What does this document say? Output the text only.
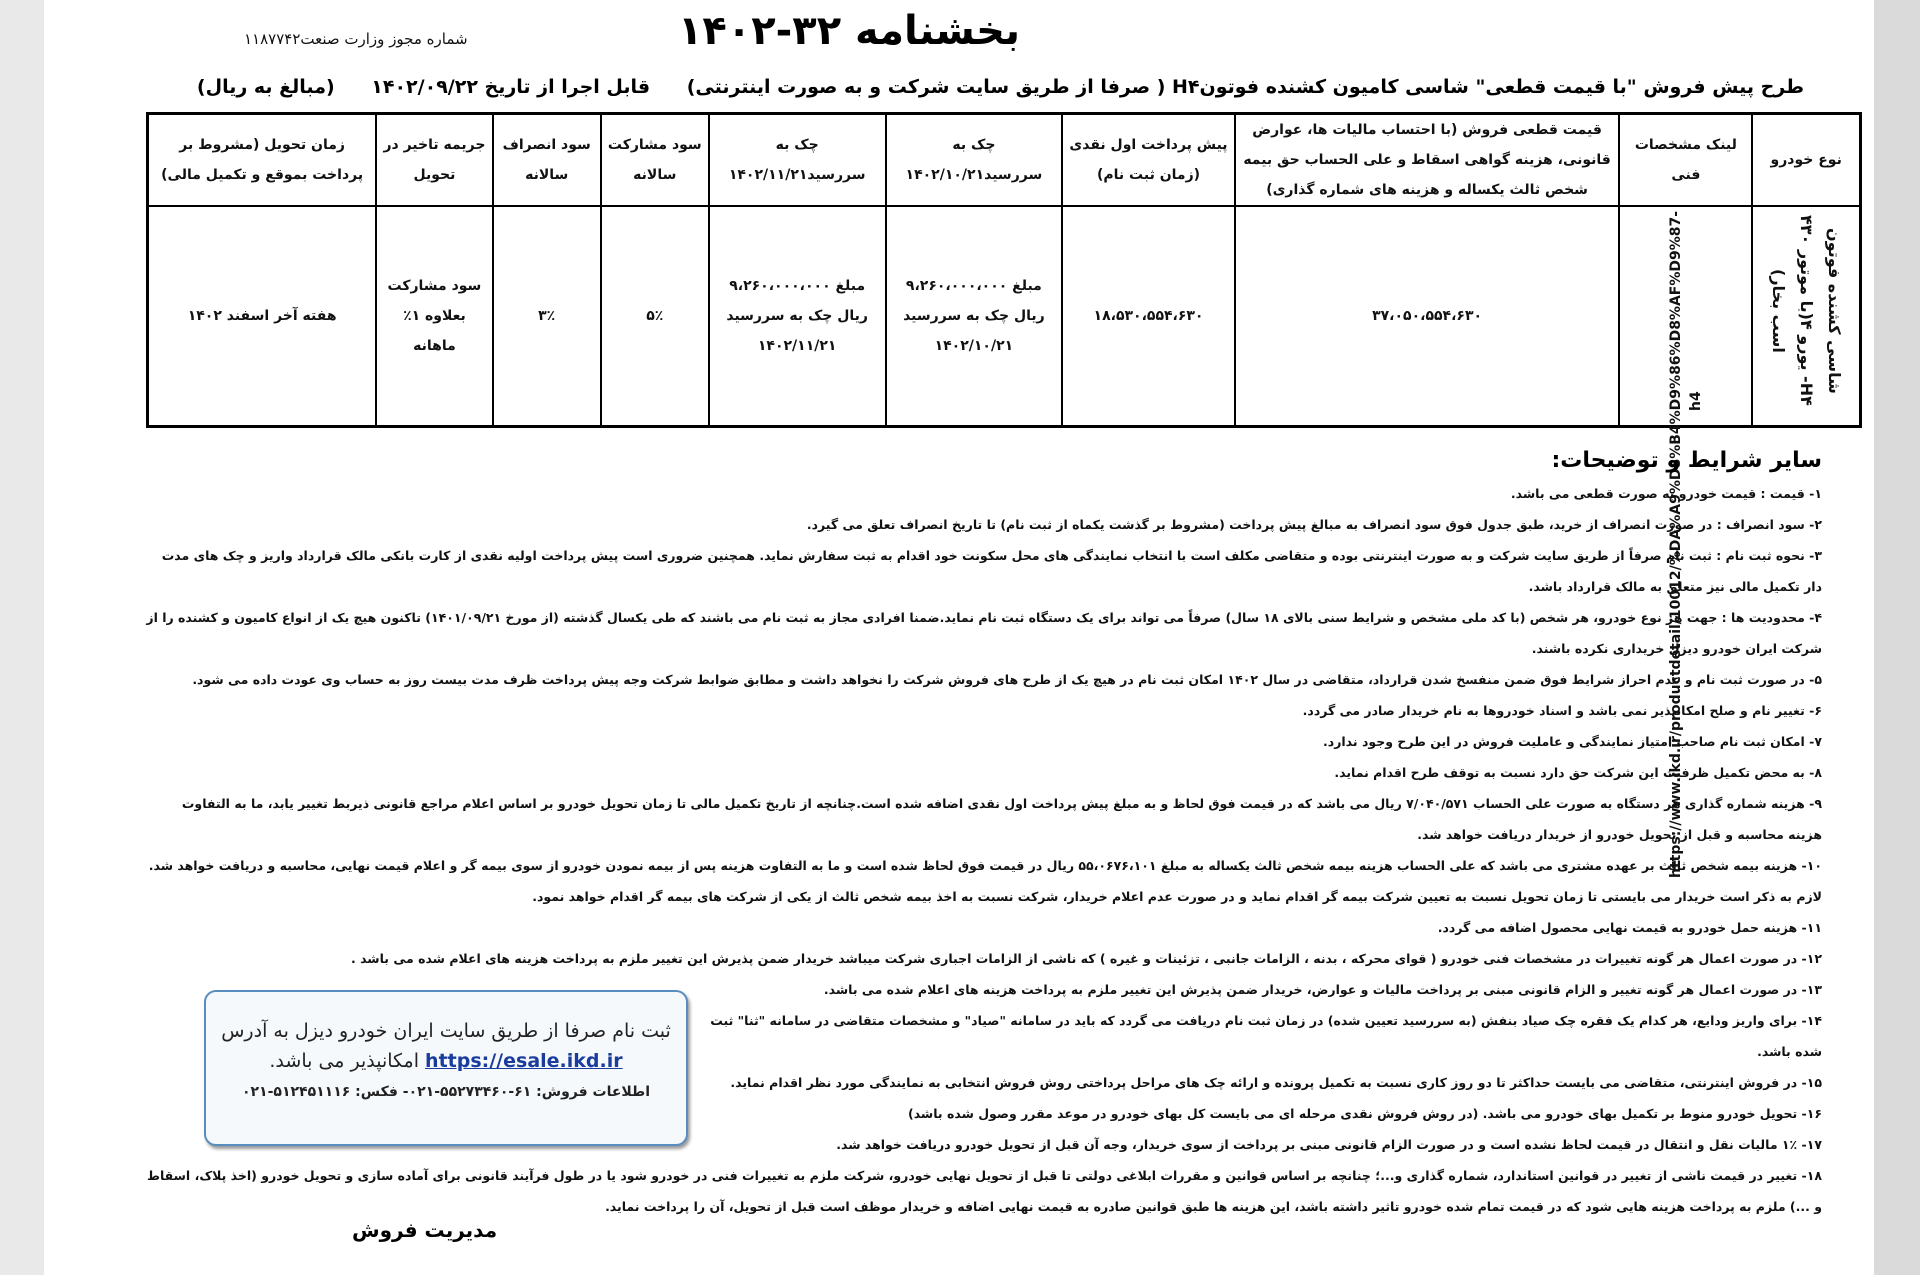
شماره مجوز وزارت صنعت۱۱۸۷۷۴۲	بخشنامه ۳۲-۱۴۰۲
طرح پیش فروش "با قیمت قطعی" شاسی کامیون کشنده فوتونH۴ ( صرفا از طریق سایت شرکت و به صورت اینترنتی) قابل اجرا از تاریخ ۱۴۰۲/۰۹/۲۲ (مبالغ به ریال)
نوع خودرو	لینک مشخصات فنی	قیمت قطعی فروش (با احتساب مالیات ها، عوارض قانونی، هزینه گواهی اسقاط و علی الحساب حق بیمه شخص ثالث یکساله و هزینه های شماره گذاری)	پیش پرداخت اول نقدی (زمان ثبت نام)	چک به سررسید۱۴۰۲/۱۰/۲۱	چک به سررسید۱۴۰۲/۱۱/۲۱	سود مشارکت سالانه	سود انصراف سالانه	جریمه تاخیر در تحویل	زمان تحویل (مشروط بر پرداخت بموقع و تکمیل مالی)
شاسی کشنده فوتون H۴- یورو ۴(با موتور ۴۳۰ اسب بخار)	https://www.ikd.ir/productdetail/10012/%DA%A9%D8%B4%D9%86%D8%AF%D9%87-h4	۳۷،۰۵۰،۵۵۴،۶۳۰	۱۸،۵۳۰،۵۵۴،۶۳۰	مبلغ ۹،۲۶۰،۰۰۰،۰۰۰ ریال چک به سررسید ۱۴۰۲/۱۰/۲۱	مبلغ ۹،۲۶۰،۰۰۰،۰۰۰ ریال چک به سررسید ۱۴۰۲/۱۱/۲۱	۵٪	۳٪	سود مشارکت بعلاوه ۱٪ ماهانه	هفته آخر اسفند ۱۴۰۲
سایر شرایط و توضیحات:
۱- قیمت : قیمت خودرو به صورت قطعی می باشد.
۲- سود انصراف : در صورت انصراف از خرید، طبق جدول فوق سود انصراف به مبالغ پیش پرداخت (مشروط بر گذشت یکماه از ثبت نام) تا تاریخ انصراف تعلق می گیرد.
۳- نحوه ثبت نام : ثبت نام صرفاً از طریق سایت شرکت و به صورت اینترنتی بوده و متقاضی مکلف است با انتخاب نمایندگی های محل سکونت خود اقدام به ثبت سفارش نماید. همچنین ضروری است پیش پرداخت اولیه نقدی از کارت بانکی مالک قرارداد واریز و چک های مدت دار تکمیل مالی نیز متعلق به مالک قرارداد باشد.
۴- محدودیت ها : جهت هر نوع خودرو، هر شخص (با کد ملی مشخص و شرایط سنی بالای ۱۸ سال) صرفاً می تواند برای یک دستگاه ثبت نام نماید.ضمنا افرادی مجاز به ثبت نام می باشند که طی یکسال گذشته (از مورخ ۱۴۰۱/۰۹/۲۱) تاکنون هیچ یک از انواع کامیون و کشنده را از شرکت ایران خودرو دیزل خریداری نکرده باشند.
۵- در صورت ثبت نام و عدم احراز شرایط فوق ضمن منفسخ شدن قرارداد، متقاضی در سال ۱۴۰۲ امکان ثبت نام در هیچ یک از طرح های فروش شرکت را نخواهد داشت و مطابق ضوابط شرکت وجه پیش پرداخت ظرف مدت بیست روز به حساب وی عودت داده می شود.
۶- تغییر نام و صلح امکانپذیر نمی باشد و اسناد خودروها به نام خریدار صادر می گردد.
۷- امکان ثبت نام صاحب امتیاز نمایندگی و عاملیت فروش در این طرح وجود ندارد.
۸- به محض تکمیل ظرفیت این شرکت حق دارد نسبت به توقف طرح اقدام نماید.
۹- هزینه شماره گذاری هر دستگاه به صورت علی الحساب ۷/۰۴۰/۵۷۱ ریال می باشد که در قیمت فوق لحاظ و به مبلغ پیش پرداخت اول نقدی اضافه شده است.چنانچه از تاریخ تکمیل مالی تا زمان تحویل خودرو بر اساس اعلام مراجع قانونی ذیربط تغییر یابد، ما به التفاوت هزینه محاسبه و قبل از تحویل خودرو از خریدار دریافت خواهد شد.
۱۰- هزینه بیمه شخص ثالث بر عهده مشتری می باشد که علی الحساب هزینه بیمه شخص ثالث یکساله به مبلغ ۵۵،۰۶۷۶،۱۰۱ ریال در قیمت فوق لحاظ شده است و ما به التفاوت هزینه پس از بیمه نمودن خودرو از سوی بیمه گر و اعلام قیمت نهایی، محاسبه و دریافت خواهد شد. لازم به ذکر است خریدار می بایستی تا زمان تحویل نسبت به تعیین شرکت بیمه گر اقدام نماید و در صورت عدم اعلام خریدار، شرکت نسبت به اخذ بیمه شخص ثالث از یکی از شرکت های بیمه گر اقدام خواهد نمود.
۱۱- هزینه حمل خودرو به قیمت نهایی محصول اضافه می گردد.
۱۲- در صورت اعمال هر گونه تغییرات در مشخصات فنی خودرو ( قوای محرکه ، بدنه ، الزامات جانبی ، تزئینات و غیره ) که ناشی از الزامات اجباری شرکت میباشد خریدار ضمن پذیرش این تغییر ملزم به پرداخت هزینه های اعلام شده می باشد .
۱۳- در صورت اعمال هر گونه تغییر و الزام قانونی مبنی بر پرداخت مالیات و عوارض، خریدار ضمن پذیرش این تغییر ملزم به پرداخت هزینه های اعلام شده می باشد.
۱۴- برای واریز ودایع، هر کدام یک فقره چک صیاد بنفش (به سررسید تعیین شده) در زمان ثبت نام دریافت می گردد که باید در سامانه "صیاد" و مشخصات متقاضی در سامانه "ثنا" ثبت شده باشد.
۱۵- در فروش اینترنتی، متقاضی می بایست حداکثر تا دو روز کاری نسبت به تکمیل پرونده و ارائه چک های مراحل پرداختی روش فروش انتخابی به نمایندگی مورد نظر اقدام نماید.
۱۶- تحویل خودرو منوط بر تکمیل بهای خودرو می باشد. (در روش فروش نقدی مرحله ای می بایست کل بهای خودرو در موعد مقرر وصول شده باشد)
۱۷- ۱٪ مالیات نقل و انتقال در قیمت لحاظ نشده است و در صورت الزام قانونی مبنی بر پرداخت از سوی خریدار، وجه آن قبل از تحویل خودرو دریافت خواهد شد.
۱۸- تغییر در قیمت ناشی از تغییر در قوانین استاندارد، شماره گذاری و...؛ چنانچه بر اساس قوانین و مقررات ابلاغی دولتی تا قبل از تحویل نهایی خودرو، شرکت ملزم به تغییرات فنی در خودرو شود یا در طول فرآیند قانونی برای آماده سازی و تحویل خودرو (اخذ پلاک، اسقاط و ...) ملزم به پرداخت هزینه هایی شود که در قیمت تمام شده خودرو تاثیر داشته باشد، این هزینه ها طبق قوانین صادره به قیمت نهایی اضافه و خریدار موظف است قبل از تحویل، آن را پرداخت نماید.
ثبت نام صرفا از طریق سایت ایران خودرو دیزل به آدرس
https://esale.ikd.ir امکانپذیر می باشد.
اطلاعات فروش: ۶۱-۵۵۲۷۳۴۶۰-۰۲۱- فکس: ۵۱۲۴۵۱۱۱۶-۰۲۱
مدیریت فروش
